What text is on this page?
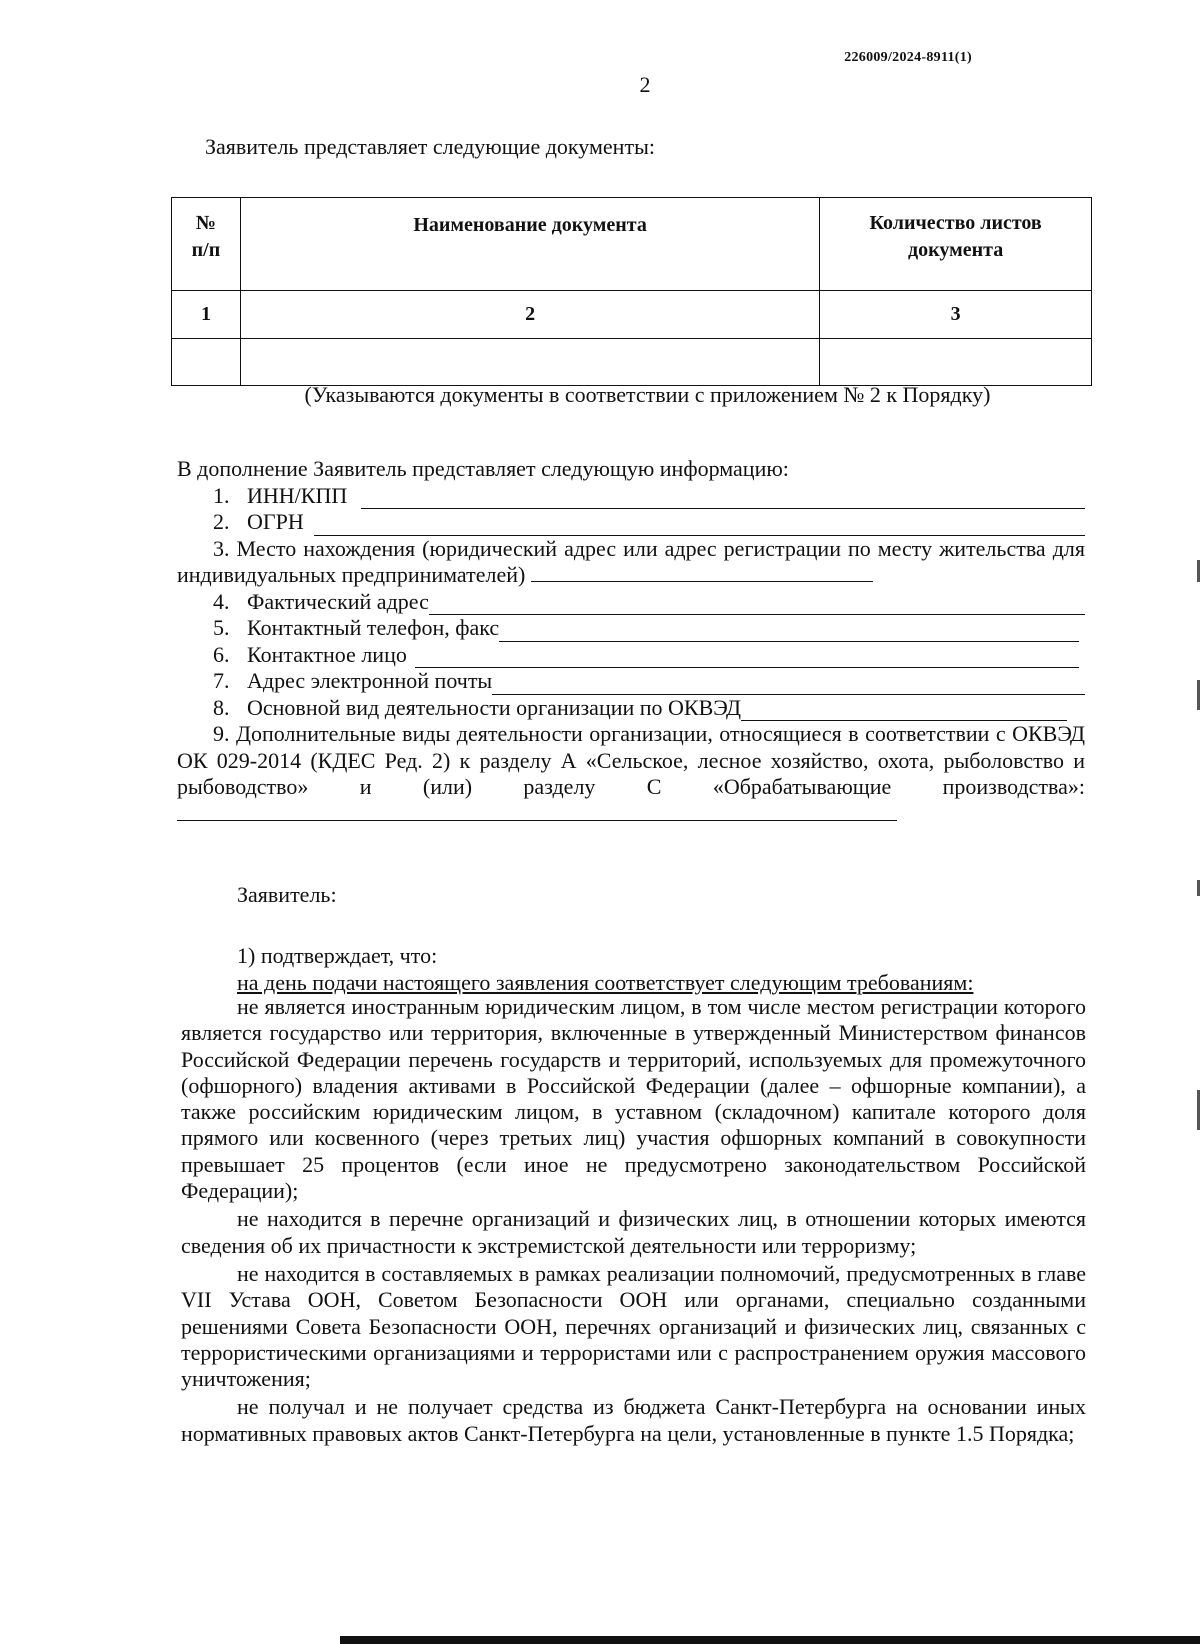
226009/2024-8911(1)
2
Заявитель представляет следующие документы:
№
п/п	Наименование документа	Количество листов документа
1	2	3

(Указываются документы в соответствии с приложением № 2 к Порядку)

В дополнение Заявитель представляет следующую информацию:

1. ИНН/КПП
2. ОГРН
3. Место нахождения (юридический адрес или адрес регистрации по месту жительства для индивидуальных предпринимателей)
4. Фактический адрес
5. Контактный телефон, факс
6. Контактное лицо
7. Адрес электронной почты
8. Основной вид деятельности организации по ОКВЭД
9. Дополнительные виды деятельности организации, относящиеся в соответствии с ОКВЭД ОК 029-2014 (КДЕС Ред. 2) к разделу А «Сельское, лесное хозяйство, охота, рыболовство и рыбоводство» и (или) разделу С «Обрабатывающие производства»:
Заявитель:
1) подтверждает, что:
на день подачи настоящего заявления соответствует следующим требованиям:

не является иностранным юридическим лицом, в том числе местом регистрации которого является государство или территория, включенные в утвержденный Министерством финансов Российской Федерации перечень государств и территорий, используемых для промежуточного (офшорного) владения активами в Российской Федерации (далее – офшорные компании), а также российским юридическим лицом, в уставном (складочном) капитале которого доля прямого или косвенного (через третьих лиц) участия офшорных компаний в совокупности превышает 25 процентов (если иное не предусмотрено законодательством Российской Федерации);

не находится в перечне организаций и физических лиц, в отношении которых имеются сведения об их причастности к экстремистской деятельности или терроризму;

не находится в составляемых в рамках реализации полномочий, предусмотренных в главе VII Устава ООН, Советом Безопасности ООН или органами, специально созданными решениями Совета Безопасности ООН, перечнях организаций и физических лиц, связанных с террористическими организациями и террористами или с распространением оружия массового уничтожения;

не получал и не получает средства из бюджета Санкт-Петербурга на основании иных нормативных правовых актов Санкт-Петербурга на цели, установленные в пункте 1.5 Порядка;
